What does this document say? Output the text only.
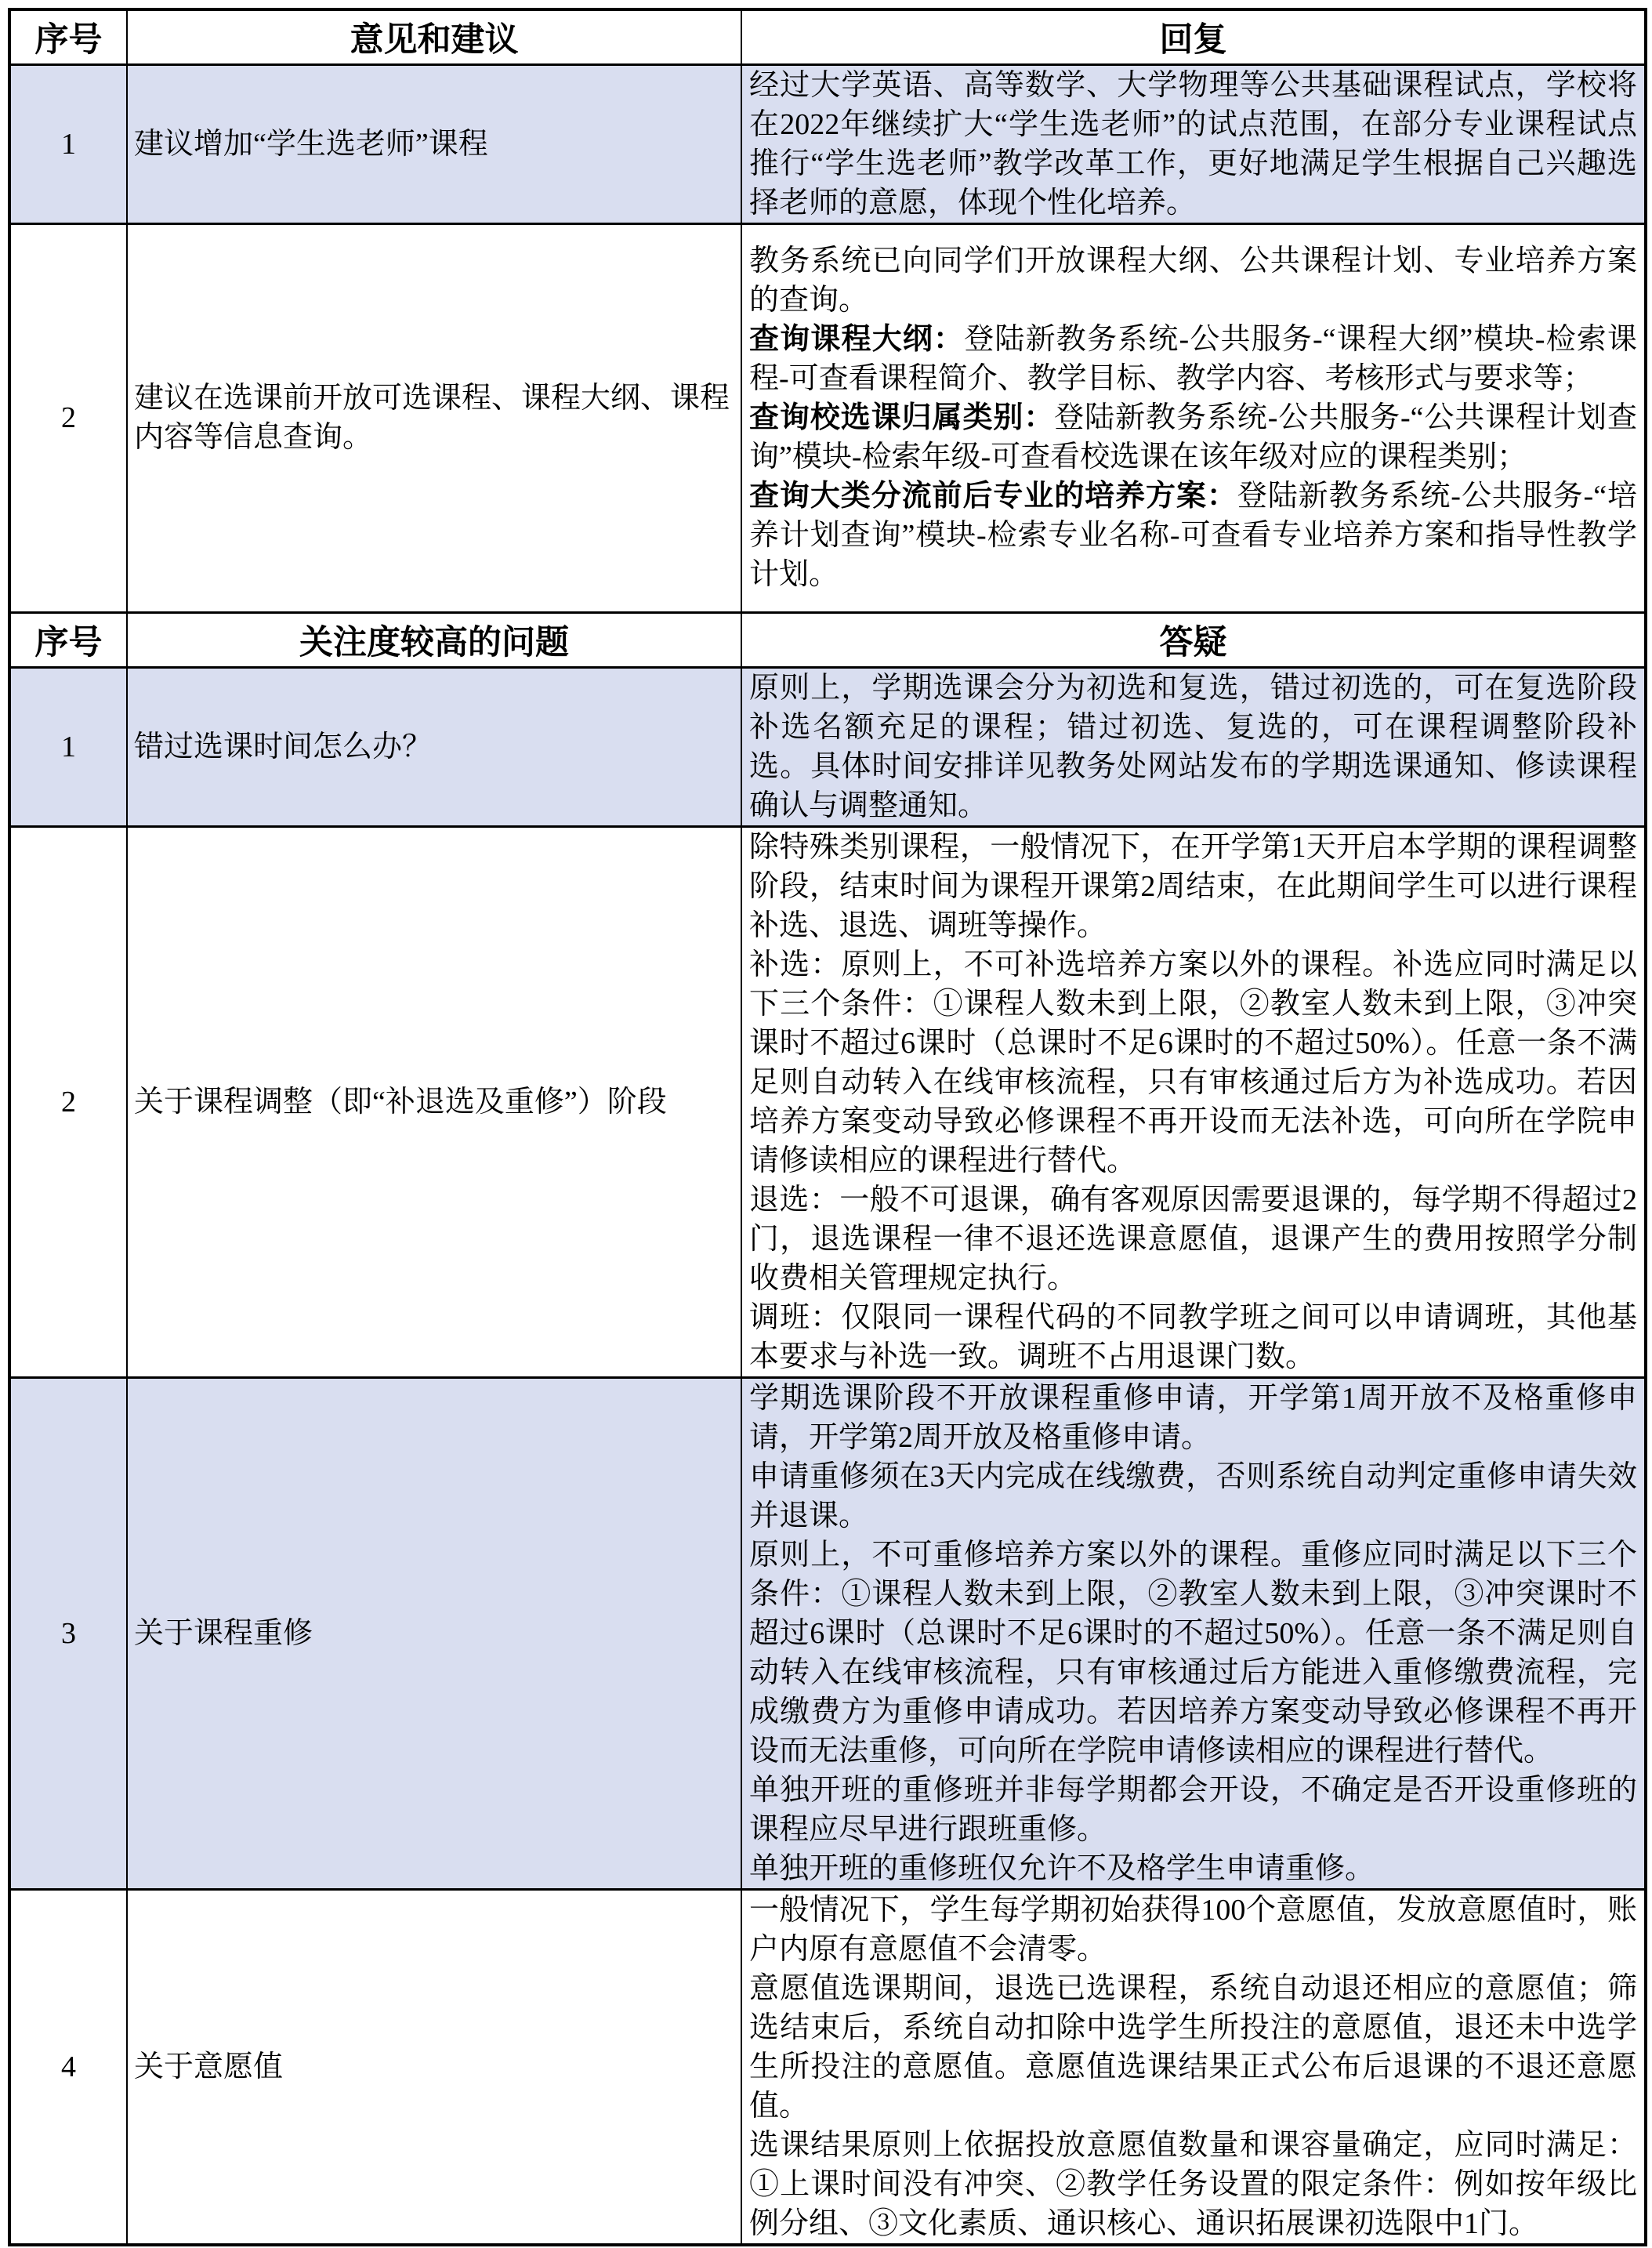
序号	意见和建议	回复
1	建议增加“学生选老师”课程	经过大学英语、高等数学、大学物理等公共基础课程试点，学校将在2022年继续扩大“学生选老师”的试点范围，在部分专业课程试点推行“学生选老师”教学改革工作，更好地满足学生根据自己兴趣选择老师的意愿，体现个性化培养。

2	建议在选课前开放可选课程、课程大纲、课程内容等信息查询。	教务系统已向同学们开放课程大纲、公共课程计划、专业培养方案的查询。
查询课程大纲：登陆新教务系统-公共服务-“课程大纲”模块-检索课程-可查看课程简介、教学目标、教学内容、考核形式与要求等；
查询校选课归属类别：登陆新教务系统-公共服务-“公共课程计划查询”模块-检索年级-可查看校选课在该年级对应的课程类别；
查询大类分流前后专业的培养方案：登陆新教务系统-公共服务-“培养计划查询”模块-检索专业名称-可查看专业培养方案和指导性教学计划。

序号	关注度较高的问题	答疑
1	错过选课时间怎么办？	原则上，学期选课会分为初选和复选，错过初选的，可在复选阶段补选名额充足的课程；错过初选、复选的，可在课程调整阶段补选。具体时间安排详见教务处网站发布的学期选课通知、修读课程确认与调整通知。

2	关于课程调整（即“补退选及重修”）阶段	除特殊类别课程，一般情况下，在开学第1天开启本学期的课程调整阶段，结束时间为课程开课第2周结束，在此期间学生可以进行课程补选、退选、调班等操作。
补选：原则上，不可补选培养方案以外的课程。补选应同时满足以下三个条件：①课程人数未到上限，②教室人数未到上限，③冲突课时不超过6课时（总课时不足6课时的不超过50%）。任意一条不满足则自动转入在线审核流程，只有审核通过后方为补选成功。若因培养方案变动导致必修课程不再开设而无法补选，可向所在学院申请修读相应的课程进行替代。
退选：一般不可退课，确有客观原因需要退课的，每学期不得超过2门，退选课程一律不退还选课意愿值，退课产生的费用按照学分制收费相关管理规定执行。
调班：仅限同一课程代码的不同教学班之间可以申请调班，其他基本要求与补选一致。调班不占用退课门数。

3	关于课程重修	学期选课阶段不开放课程重修申请，开学第1周开放不及格重修申请，开学第2周开放及格重修申请。
申请重修须在3天内完成在线缴费，否则系统自动判定重修申请失效并退课。
原则上，不可重修培养方案以外的课程。重修应同时满足以下三个条件：①课程人数未到上限，②教室人数未到上限，③冲突课时不超过6课时（总课时不足6课时的不超过50%）。任意一条不满足则自动转入在线审核流程，只有审核通过后方能进入重修缴费流程，完成缴费方为重修申请成功。若因培养方案变动导致必修课程不再开设而无法重修，可向所在学院申请修读相应的课程进行替代。
单独开班的重修班并非每学期都会开设，不确定是否开设重修班的课程应尽早进行跟班重修。
单独开班的重修班仅允许不及格学生申请重修。

4	关于意愿值	一般情况下，学生每学期初始获得100个意愿值，发放意愿值时，账户内原有意愿值不会清零。
意愿值选课期间，退选已选课程，系统自动退还相应的意愿值；筛选结束后，系统自动扣除中选学生所投注的意愿值，退还未中选学生所投注的意愿值。意愿值选课结果正式公布后退课的不退还意愿值。
选课结果原则上依据投放意愿值数量和课容量确定，应同时满足：①上课时间没有冲突、②教学任务设置的限定条件：例如按年级比例分组、③文化素质、通识核心、通识拓展课初选限中1门。
